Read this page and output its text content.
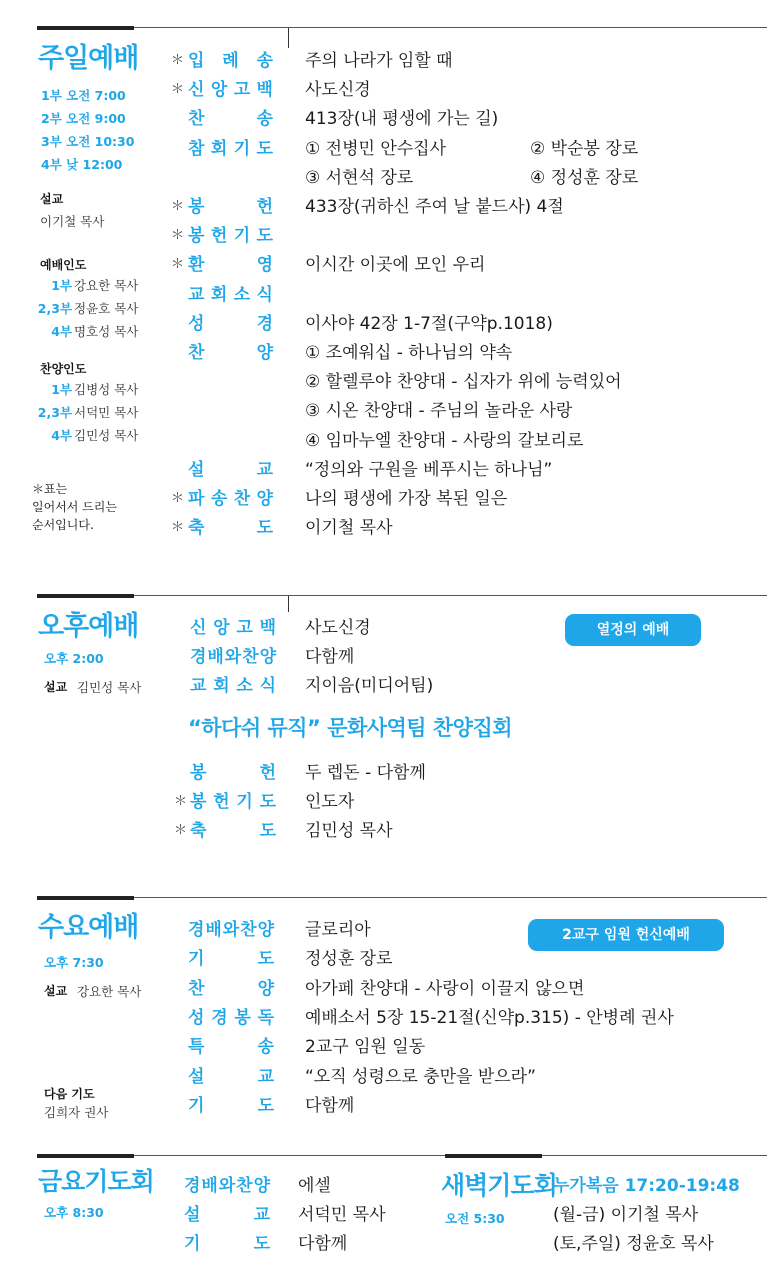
주일예배
1부 오전 7:00
2부 오전 9:00
3부 오전 10:30
4부 낮 12:00
설교
이기철 목사
예배인도
1부 강요한 목사
2,3부 정윤호 목사
4부 명호성 목사
찬양인도
1부 김병성 목사
2,3부 서덕민 목사
4부 김민성 목사
＊표는
일어서서 드리는
순서입니다.
＊ 입 례 송 주의 나라가 임할 때
＊ 신 앙 고 백 사도신경
찬	송 413장(내 평생에 가는 길)
참 회 기 도 ① 전병민 안수집사	② 박순봉 장로
③ 서현석 장로	④ 정성훈 장로
＊ 봉	헌 433장(귀하신 주여 날 붙드사) 4절
＊ 봉 헌 기 도
＊ 환	영 이시간 이곳에 모인 우리
교 회 소 식
성	경 이사야 42장 1-7절(구약p.1018)
찬	양 ① 조예워십 - 하나님의 약속
② 할렐루야 찬양대 - 십자가 위에 능력있어
③ 시온 찬양대 - 주님의 놀라운 사랑
④ 임마누엘 찬양대 - 사랑의 갈보리로
설	교 “정의와 구원을 베푸시는 하나님”
＊ 파 송 찬 양 나의 평생에 가장 복된 일은
＊ 축	도 이기철 목사
오후예배
오후 2:00
설교 김민성 목사
열정의 예배
신 앙 고 백 사도신경
경 배 와 찬 양 다함께
교 회 소 식 지이음(미디어팀)
“하다쉬 뮤직” 문화사역팀 찬양집회
봉	헌 두 렙돈 - 다함께
＊ 봉 헌 기 도 인도자
＊ 축	도 김민성 목사
수요예배
오후 7:30
설교 강요한 목사
다음 기도
김희자 권사
2교구 임원 헌신예배
경 배 와 찬 양 글로리아
기	도 정성훈 장로
찬	양 아가페 찬양대 - 사랑이 이끌지 않으면
성 경 봉 독 예배소서 5장 15-21절(신약p.315) - 안병례 권사
특	송 2교구 임원 일동
설	교 “오직 성령으로 충만을 받으라”
기	도 다함께
금요기도회
오후 8:30
경 배 와 찬 양 에셀
설	교 서덕민 목사
기	도 다함께
새벽기도회
오전 5:30
누가복음 17:20-19:48
(월-금) 이기철 목사
(토,주일) 정윤호 목사
